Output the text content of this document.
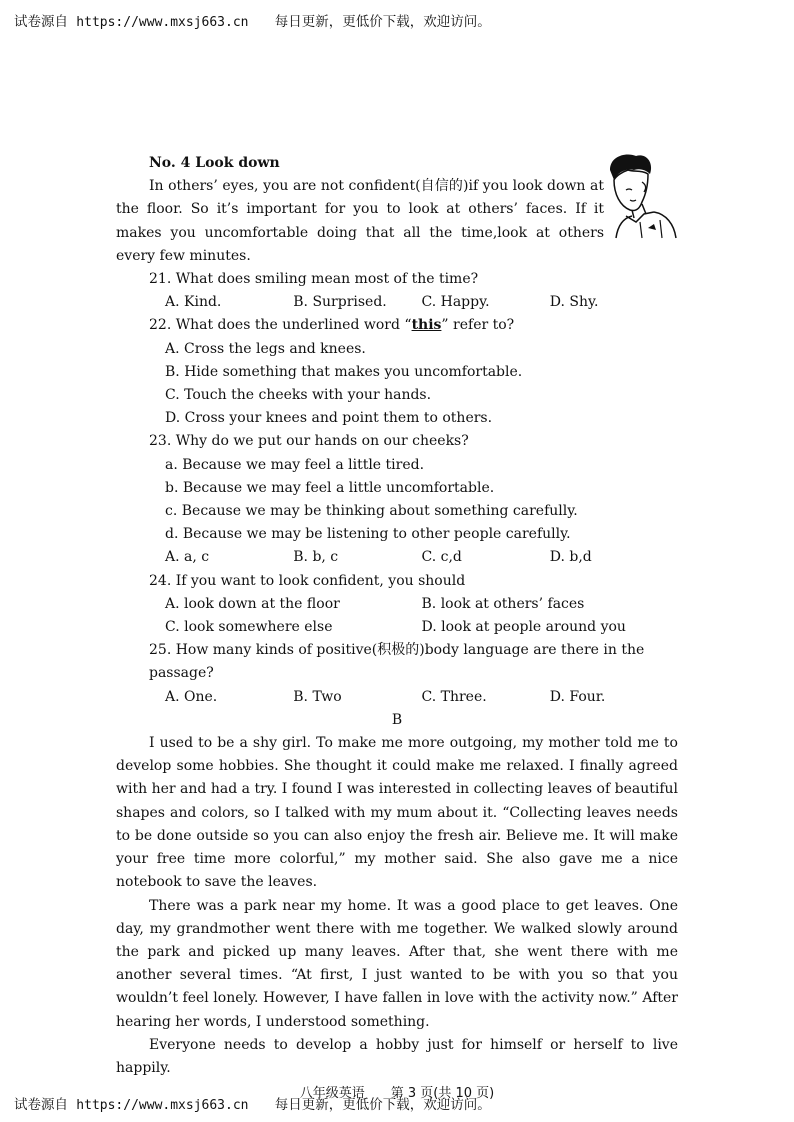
试卷源自 https://www.mxsj663.cn 每日更新，更低价下载，欢迎访问。
No. 4 Look down

In others’ eyes, you are not confident(自信的)if you look down at the floor. So it’s important for you to look at others’ faces. If it makes you uncomfortable doing that all the time,look at others every few minutes.

21. What does smiling mean most of the time?
A. Kind.	B. Surprised.	C. Happy.	D. Shy.
22. What does the underlined word “this” refer to?
A. Cross the legs and knees.
B. Hide something that makes you uncomfortable.
C. Touch the cheeks with your hands.
D. Cross your knees and point them to others.
23. Why do we put our hands on our cheeks?
a. Because we may feel a little tired.
b. Because we may feel a little uncomfortable.
c. Because we may be thinking about something carefully.
d. Because we may be listening to other people carefully.
A. a, c	B. b, c	C. c,d	D. b,d
24. If you want to look confident, you should
A. look down at the floor	B. look at others’ faces
C. look somewhere else	D. look at people around you
25. How many kinds of positive(积极的)body language are there in the passage?
A. One.	B. Two	C. Three.	D. Four.
B

I used to be a shy girl. To make me more outgoing, my mother told me to develop some hobbies. She thought it could make me relaxed. I finally agreed with her and had a try. I found I was interested in collecting leaves of beautiful shapes and colors, so I talked with my mum about it. “Collecting leaves needs to be done outside so you can also enjoy the fresh air. Believe me. It will make your free time more colorful,” my mother said. She also gave me a nice notebook to save the leaves.

There was a park near my home. It was a good place to get leaves. One day, my grandmother went there with me together. We walked slowly around the park and picked up many leaves. After that, she went there with me another several times. “At first, I just wanted to be with you so that you wouldn’t feel lonely. However, I have fallen in love with the activity now.” After hearing her words, I understood something.

Everyone needs to develop a hobby just for himself or herself to live happily.

八年级英语　　第 3 页(共 10 页)
试卷源自 https://www.mxsj663.cn 每日更新，更低价下载，欢迎访问。
